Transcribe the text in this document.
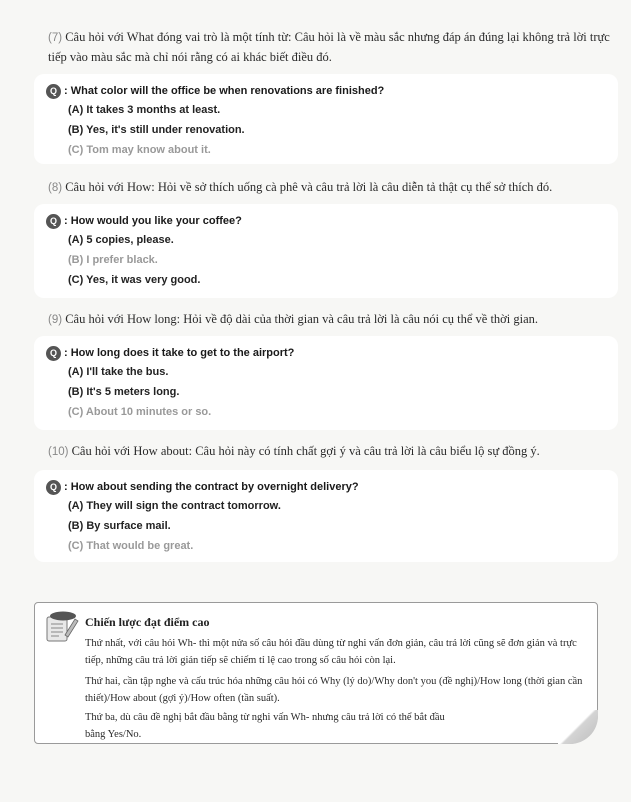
(7) Câu hỏi với What đóng vai trò là một tính từ: Câu hỏi là về màu sắc nhưng đáp án đúng lại không trả lời trực tiếp vào màu sắc mà chỉ nói rằng có ai khác biết điều đó.
Q : What color will the office be when renovations are finished?
(A) It takes 3 months at least.
(B) Yes, it's still under renovation.
(C) Tom may know about it.
(8) Câu hỏi với How: Hỏi về sở thích uống cà phê và câu trả lời là câu diễn tả thật cụ thể sở thích đó.
Q : How would you like your coffee?
(A) 5 copies, please.
(B) I prefer black.
(C) Yes, it was very good.
(9) Câu hỏi với How long: Hỏi về độ dài của thời gian và câu trả lời là câu nói cụ thể về thời gian.
Q : How long does it take to get to the airport?
(A) I'll take the bus.
(B) It's 5 meters long.
(C) About 10 minutes or so.
(10) Câu hỏi với How about: Câu hỏi này có tính chất gợi ý và câu trả lời là câu biểu lộ sự đồng ý.
Q : How about sending the contract by overnight delivery?
(A) They will sign the contract tomorrow.
(B) By surface mail.
(C) That would be great.
Chiến lược đạt điểm cao
Thứ nhất, với câu hỏi Wh- thì một nửa số câu hỏi đầu dùng từ nghi vấn đơn giản, câu trả lời cũng sẽ đơn giản và trực tiếp, những câu trả lời gián tiếp sẽ chiếm tỉ lệ cao trong số câu hỏi còn lại.
Thứ hai, cần tập nghe và cấu trúc hóa những câu hỏi có Why (lý do)/Why don't you (đề nghị)/How long (thời gian cần thiết)/How about (gợi ý)/How often (tần suất).
Thứ ba, dù câu đề nghị bắt đầu bằng từ nghi vấn Wh- nhưng câu trả lời có thể bắt đầu bằng Yes/No.
